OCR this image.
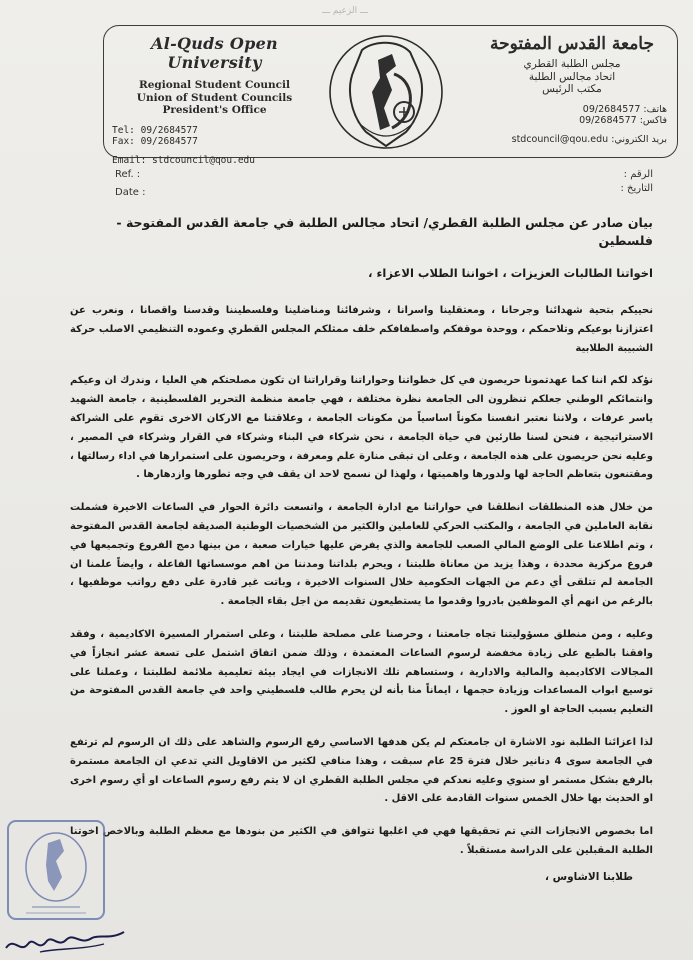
ـــ الزعيم ـــ
Al-Quds Open University
Regional Student Council
Union of Student Councils
President's Office
Tel: 09/2684577
Fax: 09/2684577
Email: stdcouncil@qou.edu
جامعة القدس المفتوحة
مجلس الطلبة القطري
اتحاد مجالس الطلبة
مكتب الرئيس
هاتف: 09/2684577
فاكس: 09/2684577
بريد الكتروني: stdcouncil@qou.edu
Ref. :
Date :
الرقم :
التاريخ :
بيان صادر عن مجلس الطلبة القطري/ اتحاد مجالس الطلبة في جامعة القدس المفتوحة - فلسطين
اخواتنا الطالبات العزيزات ، اخواننا الطلاب الاعزاء ،
نحييكم بتحية شهدائنا وجرحانا ، ومعتقلينا واسرانا ، وشرفائنا ومناضلينا وفلسطيننا وقدسنا واقصانا ، ونعرب عن اعتزازنا بوعيكم وتلاحمكم ، ووحدة موقفكم واصطفافكم خلف ممثلكم المجلس القطري وعموده التنظيمي الاصلب حركة الشبيبة الطلابية
نؤكد لكم اننا كما عهدتمونا حريصون في كل خطواتنا وحواراتنا وقراراتنا ان تكون مصلحتكم هي العليا ، وندرك ان وعيكم وانتمائكم الوطني جعلكم تنظرون الى الجامعة نظرة مختلفة ، فهي جامعة منظمة التحرير الفلسطينية ، جامعة الشهيد ياسر عرفات ، ولاننا نعتبر انفسنا مكوناً اساسياً من مكونات الجامعة ، وعلاقتنا مع الاركان الاخرى تقوم على الشراكة الاستراتيجية ، فنحن لسنا طارئين في حياة الجامعة ، نحن شركاء في البناء وشركاء في القرار وشركاء في المصير ، وعليه نحن حريصون على هذه الجامعة ، وعلى ان تبقى منارة علم ومعرفة ، وحريصون على استمرارها في اداء رسالتها ، ومقتنعون بتعاظم الحاجة لها ولدورها واهميتها ، ولهذا لن نسمح لاحد ان يقف في وجه تطورها وازدهارها .
من خلال هذه المنطلقات انطلقنا في حواراتنا مع ادارة الجامعة ، واتسعت دائرة الحوار في الساعات الاخيرة فشملت نقابة العاملين في الجامعة ، والمكتب الحركي للعاملين والكثير من الشخصيات الوطنية الصديقة لجامعة القدس المفتوحة ، وتم اطلاعنا على الوضع المالي الصعب للجامعة والذي يفرض عليها خيارات صعبة ، من بينها دمج الفروع وتجميعها في فروع مركزية محددة ، وهذا يزيد من معاناة طلبتنا ، ويحرم بلداتنا ومدننا من اهم موسساتها الفاعلة ، وايضاً علمنا ان الجامعة لم تتلقى أي دعم من الجهات الحكومية خلال السنوات الاخيرة ، وباتت غير قادرة على دفع رواتب موظفيها ، بالرغم من انهم أي الموظفين بادروا وقدموا ما يستطيعون تقديمه من اجل بقاء الجامعة .
وعليه ، ومن منطلق مسؤوليتنا تجاه جامعتنا ، وحرصنا على مصلحة طلبتنا ، وعلى استمرار المسيرة الاكاديمية ، وفقد وافقنا بالطبع على زيادة مخفضة لرسوم الساعات المعتمدة ، وذلك ضمن اتفاق اشتمل على تسعة عشر انجازاً في المجالات الاكاديمية والمالية والادارية ، وستساهم تلك الانجازات في ايجاد بيئة تعليمية ملائمة لطلبتنا ، وعملنا على توسيع ابواب المساعدات وزيادة حجمها ، ايماناً منا بأنه لن يحرم طالب فلسطيني واحد في جامعة القدس المفتوحة من التعليم بسبب الحاجة او العوز .
لذا اعزائنا الطلبة نود الاشارة ان جامعتكم لم يكن هدفها الاساسي رفع الرسوم والشاهد على ذلك ان الرسوم لم ترتفع في الجامعة سوى 4 دنانير خلال فترة 25 عام سبقت ، وهذا منافي لكثير من الاقاويل التي تدعي ان الجامعة مستمرة بالرفع بشكل مستمر او سنوي وعليه نعدكم في مجلس الطلبة القطري ان لا يتم رفع رسوم الساعات او أي رسوم اخرى او الحديث بها خلال الخمس سنوات القادمة على الاقل .
اما بخصوص الانجازات التي تم تحقيقها فهي في اغلبها تتوافق في الكثير من بنودها مع معظم الطلبة وبالاخص اخوتنا الطلبة المقبلين على الدراسة مستقبلاً .
طلابنا الاشاوس ،
